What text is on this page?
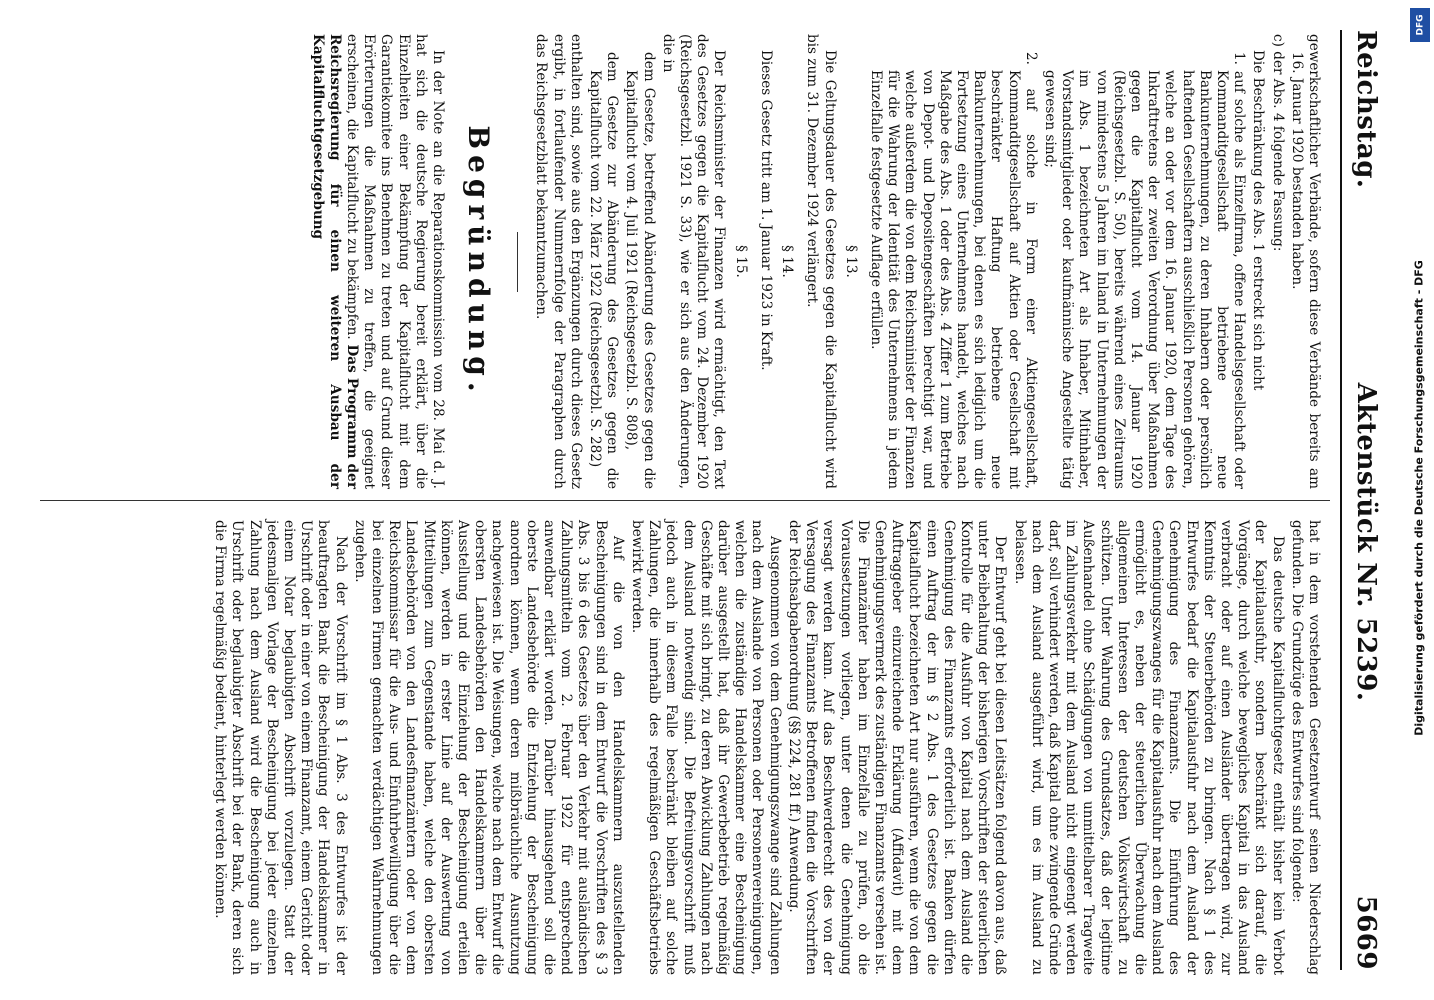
Reichstag.
Aktenstück Nr. 5239.
5669

gewerkschaftlicher Verbände, sofern diese Verbände bereits am 16. Januar 1920 bestanden haben.

c) der Abs. 4 folgende Fassung:

Die Beschränkung des Abs. 1 erstreckt sich nicht

1. auf solche als Einzelfirma, offene Handelsgesellschaft oder Kommanditgesellschaft betriebene neue Bankunternehmungen, zu deren Inhabern oder persönlich haftenden Gesellschaftern ausschließlich Personen gehören, welche an oder vor dem 16. Januar 1920, dem Tage des Inkrafttretens der zweiten Verordnung über Maßnahmen gegen die Kapitalflucht vom 14. Januar 1920 (Reichsgesetzbl. S. 50), bereits während eines Zeitraums von mindestens 5 Jahren im Inland in Unternehmungen der im Abs. 1 bezeichneten Art als Inhaber, Mitinhaber, Vorstandsmitglieder oder kaufmännische Angestellte tätig gewesen sind;

2. auf solche in Form einer Aktiengesellschaft, Kommanditgesellschaft auf Aktien oder Gesellschaft mit beschränkter Haftung betriebene neue Bankunternehmungen, bei denen es sich lediglich um die Fortsetzung eines Unternehmens handelt, welches nach Maßgabe des Abs. 1 oder des Abs. 4 Ziffer 1 zum Betriebe von Depot- und Depositengeschäften berechtigt war, und welche außerdem die von dem Reichsminister der Finanzen für die Wahrung der Identität des Unternehmens in jedem Einzelfalle festgesetzte Auflage erfüllen.

§ 13.

Die Geltungsdauer des Gesetzes gegen die Kapitalflucht wird bis zum 31. Dezember 1924 verlängert.

§ 14.

Dieses Gesetz tritt am 1. Januar 1923 in Kraft.

§ 15.

Der Reichsminister der Finanzen wird ermächtigt, den Text des Gesetzes gegen die Kapitalflucht vom 24. Dezember 1920 (Reichsgesetzbl. 1921 S. 33), wie er sich aus den Änderungen, die in

dem Gesetze, betreffend Abänderung des Gesetzes gegen die Kapitalflucht vom 4. Juli 1921 (Reichsgesetzbl. S. 808),

dem Gesetze zur Abänderung des Gesetzes gegen die Kapitalflucht vom 22. März 1922 (Reichsgesetzbl. S. 282)

enthalten sind, sowie aus den Ergänzungen durch dieses Gesetz ergibt, in fortlaufender Nummernfolge der Paragraphen durch das Reichsgesetzblatt bekanntzumachen.

Begründung.

In der Note an die Reparationskommission vom 28. Mai d. J. hat sich die deutsche Regierung bereit erklärt, über die Einzelheiten einer Bekämpfung der Kapitalflucht mit dem Garantiekomitee ins Benehmen zu treten und auf Grund dieser Erörterungen die Maßnahmen zu treffen, die geeignet erscheinen, die Kapitalflucht zu bekämpfen. Das Programm der Reichsregierung für einen weiteren Ausbau der Kapitalfluchtgesetzgebung

hat in dem vorstehenden Gesetzentwurf seinen Niederschlag gefunden. Die Grundzüge des Entwurfes sind folgende:

Das deutsche Kapitalfluchtgesetz enthält bisher kein Verbot der Kapitalausfuhr, sondern beschränkt sich darauf, die Vorgänge, durch welche bewegliches Kapital in das Ausland verbracht oder auf einen Ausländer übertragen wird, zur Kenntnis der Steuerbehörden zu bringen. Nach § 1 des Entwurfes bedarf die Kapitalausfuhr nach dem Ausland der Genehmigung des Finanzamts. Die Einführung des Genehmigungszwanges für die Kapitalausfuhr nach dem Ausland ermöglicht es, neben der steuerlichen Überwachung die allgemeinen Interessen der deutschen Volkswirtschaft zu schützen. Unter Wahrung des Grundsatzes, daß der legitime Außenhandel ohne Schädigungen von unmittelbarer Tragweite im Zahlungsverkehr mit dem Ausland nicht eingeengt werden darf, soll verhindert werden, daß Kapital ohne zwingende Gründe nach dem Ausland ausgeführt wird, um es im Ausland zu belassen.

Der Entwurf geht bei diesen Leitsätzen folgend davon aus, daß unter Beibehaltung der bisherigen Vorschriften der steuerlichen Kontrolle für die Ausfuhr von Kapital nach dem Ausland die Genehmigung des Finanzamts erforderlich ist. Banken dürfen einen Auftrag der im § 2 Abs. 1 des Gesetzes gegen die Kapitalflucht bezeichneten Art nur ausführen, wenn die von dem Auftraggeber einzureichende Erklärung (Affidavit) mit dem Genehmigungsvermerk des zuständigen Finanzamts versehen ist. Die Finanzämter haben im Einzelfalle zu prüfen, ob die Voraussetzungen vorliegen, unter denen die Genehmigung versagt werden kann. Auf das Beschwerderecht des von der Versagung des Finanzamts Betroffenen finden die Vorschriften der Reichsabgabenordnung (§§ 224, 281 ff.) Anwendung.

Ausgenommen von dem Genehmigungszwange sind Zahlungen nach dem Auslande von Personen oder Personenvereinigungen, welchen die zuständige Handelskammer eine Bescheinigung darüber ausgestellt hat, daß ihr Gewerbebetrieb regelmäßig Geschäfte mit sich bringt, zu deren Abwicklung Zahlungen nach dem Ausland notwendig sind. Die Befreiungsvorschrift muß jedoch auch in diesem Falle beschränkt bleiben auf solche Zahlungen, die innerhalb des regelmäßigen Geschäftsbetriebs bewirkt werden.

Auf die von den Handelskammern auszustellenden Bescheinigungen sind in dem Entwurf die Vorschriften des § 3 Abs. 3 bis 6 des Gesetzes über den Verkehr mit ausländischen Zahlungsmitteln vom 2. Februar 1922 für entsprechend anwendbar erklärt worden. Darüber hinausgehend soll die oberste Landesbehörde die Entziehung der Bescheinigung anordnen können, wenn deren mißbräuchliche Ausnutzung nachgewiesen ist. Die Weisungen, welche nach dem Entwurf die obersten Landesbehörden den Handelskammern über die Ausstellung und die Einziehung der Bescheinigung erteilen können, werden in erster Linie auf der Auswertung von Mitteilungen zum Gegenstande haben, welche den obersten Landesbehörden von den Landesfinanzämtern oder von dem Reichskommissar für die Aus- und Einfuhrbewilligung über die bei einzelnen Firmen gemachten verdächtigen Wahrnehmungen zugehen.

Nach der Vorschrift im § 1 Abs. 3 des Entwurfes ist der beauftragten Bank die Bescheinigung der Handelskammer in Urschrift oder in einer von einem Finanzamt, einem Gericht oder einem Notar beglaubigten Abschrift vorzulegen. Statt der jedesmaligen Vorlage der Bescheinigung bei jeder einzelnen Zahlung nach dem Ausland wird die Bescheinigung auch in Urschrift oder beglaubigter Abschrift bei der Bank, deren sich die Firma regelmäßig bedient, hinterlegt werden können.	Digitalisierung gefördert durch die Deutsche Forschungsgemeinschaft - DFG
DFG
